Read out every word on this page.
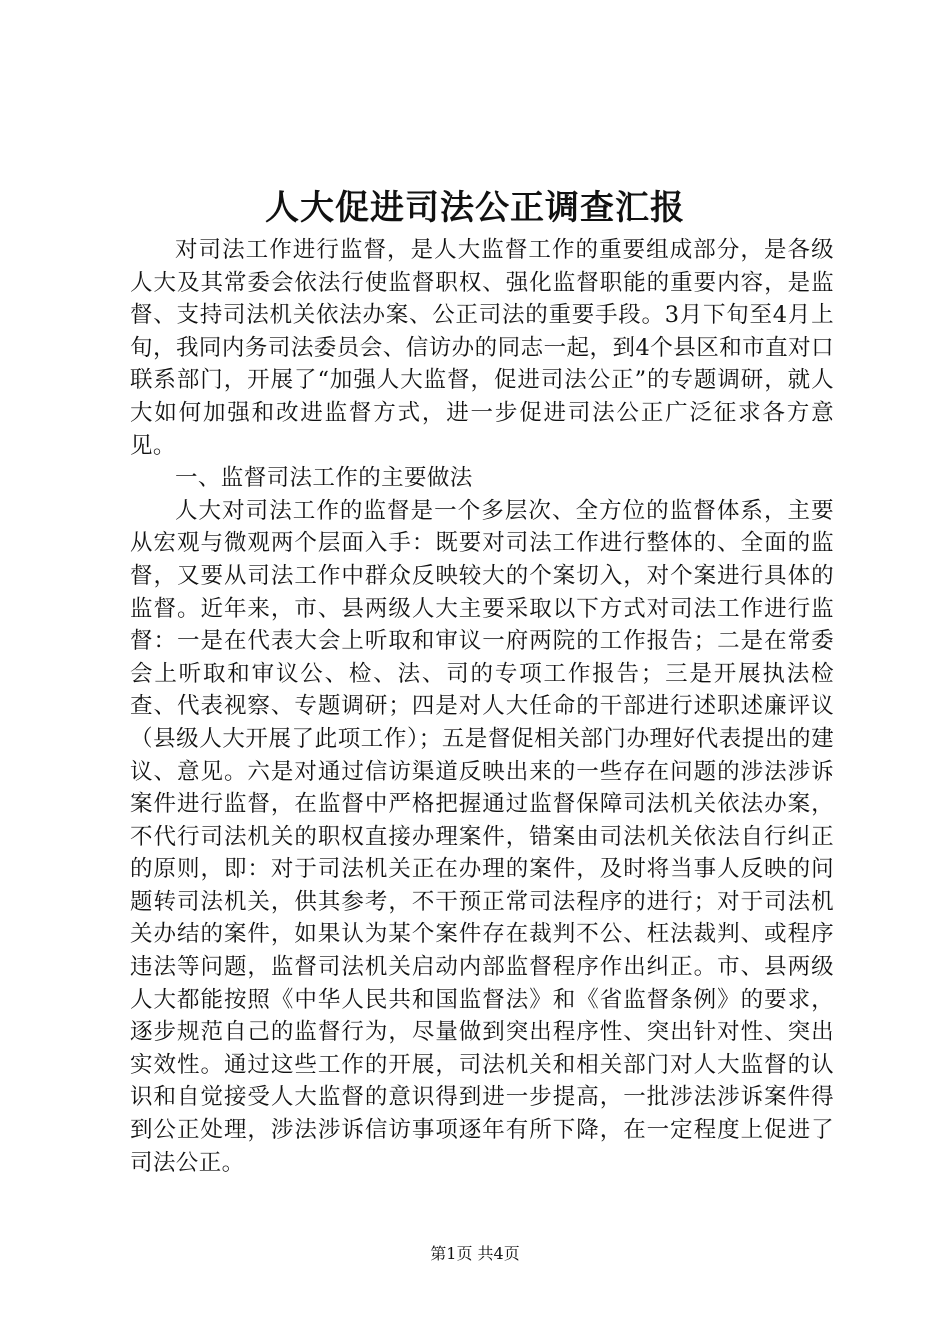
人大促进司法公正调查汇报

对司法工作进行监督，是人大监督工作的重要组成部分，是各级人大及其常委会依法行使监督职权、强化监督职能的重要内容，是监督、支持司法机关依法办案、公正司法的重要手段。3月下旬至4月上旬，我同内务司法委员会、信访办的同志一起，到4个县区和市直对口联系部门，开展了“加强人大监督，促进司法公正”的专题调研，就人大如何加强和改进监督方式，进一步促进司法公正广泛征求各方意见。

一、监督司法工作的主要做法

人大对司法工作的监督是一个多层次、全方位的监督体系，主要从宏观与微观两个层面入手：既要对司法工作进行整体的、全面的监督，又要从司法工作中群众反映较大的个案切入，对个案进行具体的监督。近年来，市、县两级人大主要采取以下方式对司法工作进行监督：一是在代表大会上听取和审议一府两院的工作报告；二是在常委会上听取和审议公、检、法、司的专项工作报告；三是开展执法检查、代表视察、专题调研；四是对人大任命的干部进行述职述廉评议（县级人大开展了此项工作）；五是督促相关部门办理好代表提出的建议、意见。六是对通过信访渠道反映出来的一些存在问题的涉法涉诉案件进行监督，在监督中严格把握通过监督保障司法机关依法办案，不代行司法机关的职权直接办理案件，错案由司法机关依法自行纠正的原则，即：对于司法机关正在办理的案件，及时将当事人反映的问题转司法机关，供其参考，不干预正常司法程序的进行；对于司法机关办结的案件，如果认为某个案件存在裁判不公、枉法裁判、或程序违法等问题，监督司法机关启动内部监督程序作出纠正。市、县两级人大都能按照《中华人民共和国监督法》和《省监督条例》的要求，逐步规范自己的监督行为，尽量做到突出程序性、突出针对性、突出实效性。通过这些工作的开展，司法机关和相关部门对人大监督的认识和自觉接受人大监督的意识得到进一步提高，一批涉法涉诉案件得到公正处理，涉法涉诉信访事项逐年有所下降，在一定程度上促进了司法公正。

第1页 共4页
